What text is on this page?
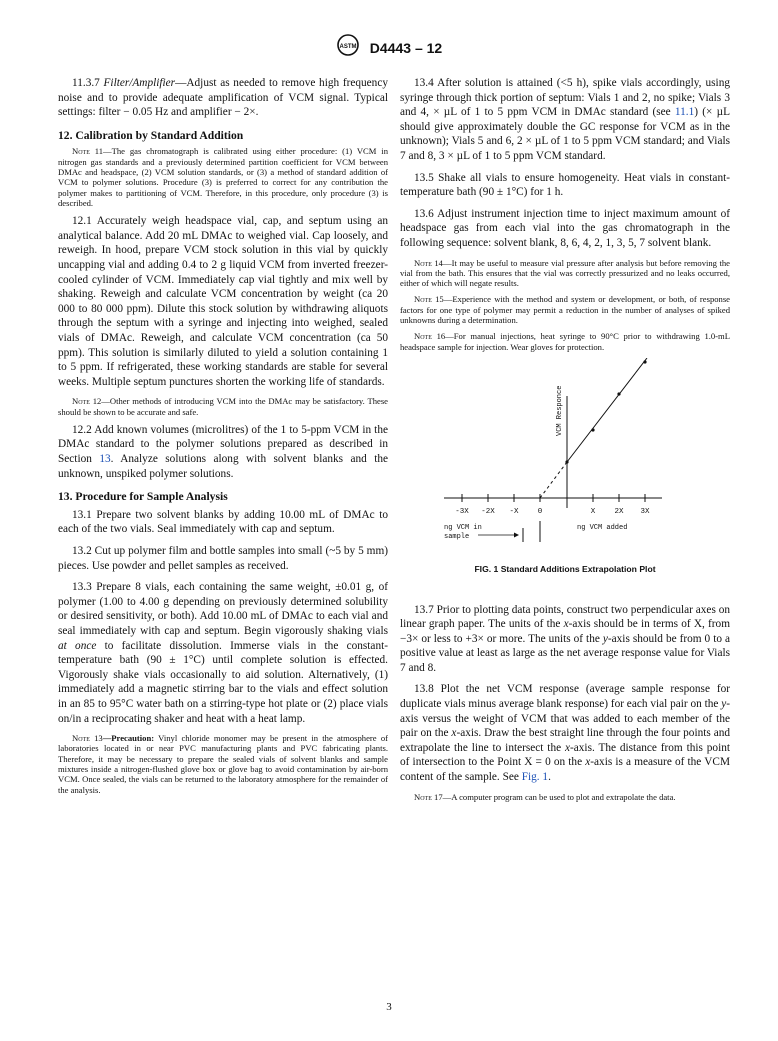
ASTM D4443 – 12

11.3.7 Filter/Amplifier—Adjust as needed to remove high frequency noise and to provide adequate amplification of VCM signal. Typical settings: filter − 0.05 Hz and amplifier − 2×.

12. Calibration by Standard Addition

Note 11—The gas chromatograph is calibrated using either procedure: (1) VCM in nitrogen gas standards and a previously determined partition coefficient for VCM between DMAc and headspace, (2) VCM solution standards, or (3) a method of standard addition of VCM to polymer solutions. Procedure (3) is preferred to correct for any contribution the polymer makes to partitioning of VCM. Therefore, in this procedure, only procedure (3) is described.

12.1 Accurately weigh headspace vial, cap, and septum using an analytical balance. Add 20 mL DMAc to weighed vial. Cap loosely, and reweigh. In hood, prepare VCM stock solution in this vial by quickly uncapping vial and adding 0.4 to 2 g liquid VCM from inverted freezer-cooled cylinder of VCM. Immediately cap vial tightly and mix well by shaking. Reweigh and calculate VCM concentration by weight (ca 20 000 to 80 000 ppm). Dilute this stock solution by withdrawing aliquots through the septum with a syringe and injecting into weighed, sealed vials of DMAc. Reweigh, and calculate VCM concentration (ca 50 ppm). This solution is similarly diluted to yield a solution containing 1 to 5 ppm. If refrigerated, these working standards are stable for several weeks. Multiple septum punctures shorten the working life of standards.

Note 12—Other methods of introducing VCM into the DMAc may be satisfactory. These should be shown to be accurate and safe.

12.2 Add known volumes (microlitres) of the 1 to 5-ppm VCM in the DMAc standard to the polymer solutions prepared as described in Section 13. Analyze solutions along with solvent blanks and the unknown, unspiked polymer solutions.

13. Procedure for Sample Analysis

13.1 Prepare two solvent blanks by adding 10.00 mL of DMAc to each of the two vials. Seal immediately with cap and septum.

13.2 Cut up polymer film and bottle samples into small (~5 by 5 mm) pieces. Use powder and pellet samples as received.

13.3 Prepare 8 vials, each containing the same weight, ±0.01 g, of polymer (1.00 to 4.00 g depending on previously determined solubility or desired sensitivity, or both). Add 10.00 mL of DMAc to each vial and seal immediately with cap and septum. Begin vigorously shaking vials at once to facilitate dissolution. Immerse vials in the constant-temperature bath (90 ± 1°C) until complete solution is effected. Vigorously shake vials occasionally to aid solution. Alternatively, (1) immediately add a magnetic stirring bar to the vials and effect solution in an 85 to 95°C water bath on a stirring-type hot plate or (2) place vials on/in a reciprocating shaker and heat with a heat lamp.

Note 13—Precaution: Vinyl chloride monomer may be present in the atmosphere of laboratories located in or near PVC manufacturing plants and PVC fabricating plants. Therefore, it may be necessary to prepare the sealed vials of solvent blanks and sample mixtures inside a nitrogen-flushed glove box or glove bag to avoid contamination by air-born VCM. Once sealed, the vials can be returned to the laboratory atmosphere for the remainder of the analysis.

13.4 After solution is attained (<5 h), spike vials accordingly, using syringe through thick portion of septum: Vials 1 and 2, no spike; Vials 3 and 4, × µL of 1 to 5 ppm VCM in DMAc standard (see 11.1) (× µL should give approximately double the GC response for VCM as in the unknown); Vials 5 and 6, 2 × µL of 1 to 5 ppm VCM standard; and Vials 7 and 8, 3 × µL of 1 to 5 ppm VCM standard.

13.5 Shake all vials to ensure homogeneity. Heat vials in constant-temperature bath (90 ± 1°C) for 1 h.

13.6 Adjust instrument injection time to inject maximum amount of headspace gas from each vial into the gas chromatograph in the following sequence: solvent blank, 8, 6, 4, 2, 1, 3, 5, 7 solvent blank.

Note 14—It may be useful to measure vial pressure after analysis but before removing the vial from the bath. This ensures that the vial was correctly pressurized and no leaks occurred, either of which will negate results.

Note 15—Experience with the method and system or development, or both, of response factors for one type of polymer may permit a reduction in the number of analyses of spiked unknowns during a determination.

Note 16—For manual injections, heat syringe to 90°C prior to withdrawing 1.0-mL headspace sample for injection. Wear gloves for protection.

VCM Responce
-3X -2X -X	0	X	2X 3X
ng VCM in
sample
ng VCM added
FIG. 1 Standard Additions Extrapolation Plot

13.7 Prior to plotting data points, construct two perpendicular axes on linear graph paper. The units of the x-axis should be in terms of X, from −3× or less to +3× or more. The units of the y-axis should be from 0 to a positive value at least as large as the net average response value for Vials 7 and 8.

13.8 Plot the net VCM response (average sample response for duplicate vials minus average blank response) for each vial pair on the y-axis versus the weight of VCM that was added to each member of the pair on the x-axis. Draw the best straight line through the four points and extrapolate the line to intersect the x-axis. The distance from this point of intersection to the Point X = 0 on the x-axis is a measure of the VCM content of the sample. See Fig. 1.

Note 17—A computer program can be used to plot and extrapolate the data.

3
